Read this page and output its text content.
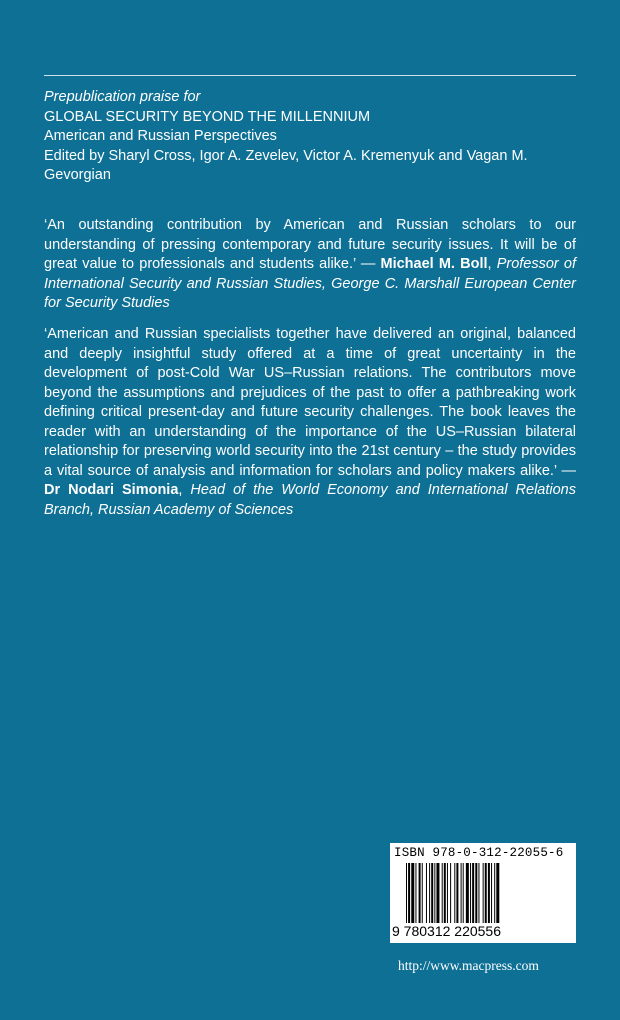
Prepublication praise for
GLOBAL SECURITY BEYOND THE MILLENNIUM
American and Russian Perspectives
Edited by Sharyl Cross, Igor A. Zevelev, Victor A. Kremenyuk and Vagan M. Gevorgian
‘An outstanding contribution by American and Russian scholars to our understanding of pressing contemporary and future security issues. It will be of great value to professionals and students alike.’ — Michael M. Boll, Professor of International Security and Russian Studies, George C. Marshall European Center for Security Studies
‘American and Russian specialists together have delivered an original, balanced and deeply insightful study offered at a time of great uncertainty in the development of post-Cold War US–Russian relations. The contributors move beyond the assumptions and prejudices of the past to offer a pathbreaking work defining critical present-day and future security challenges. The book leaves the reader with an understanding of the importance of the US–Russian bilateral relationship for preserving world security into the 21st century – the study provides a vital source of analysis and information for scholars and policy makers alike.’ — Dr Nodari Simonia, Head of the World Economy and International Relations Branch, Russian Academy of Sciences
ISBN 978-0-312-22055-6
9 780312 220556
http://www.macpress.com
